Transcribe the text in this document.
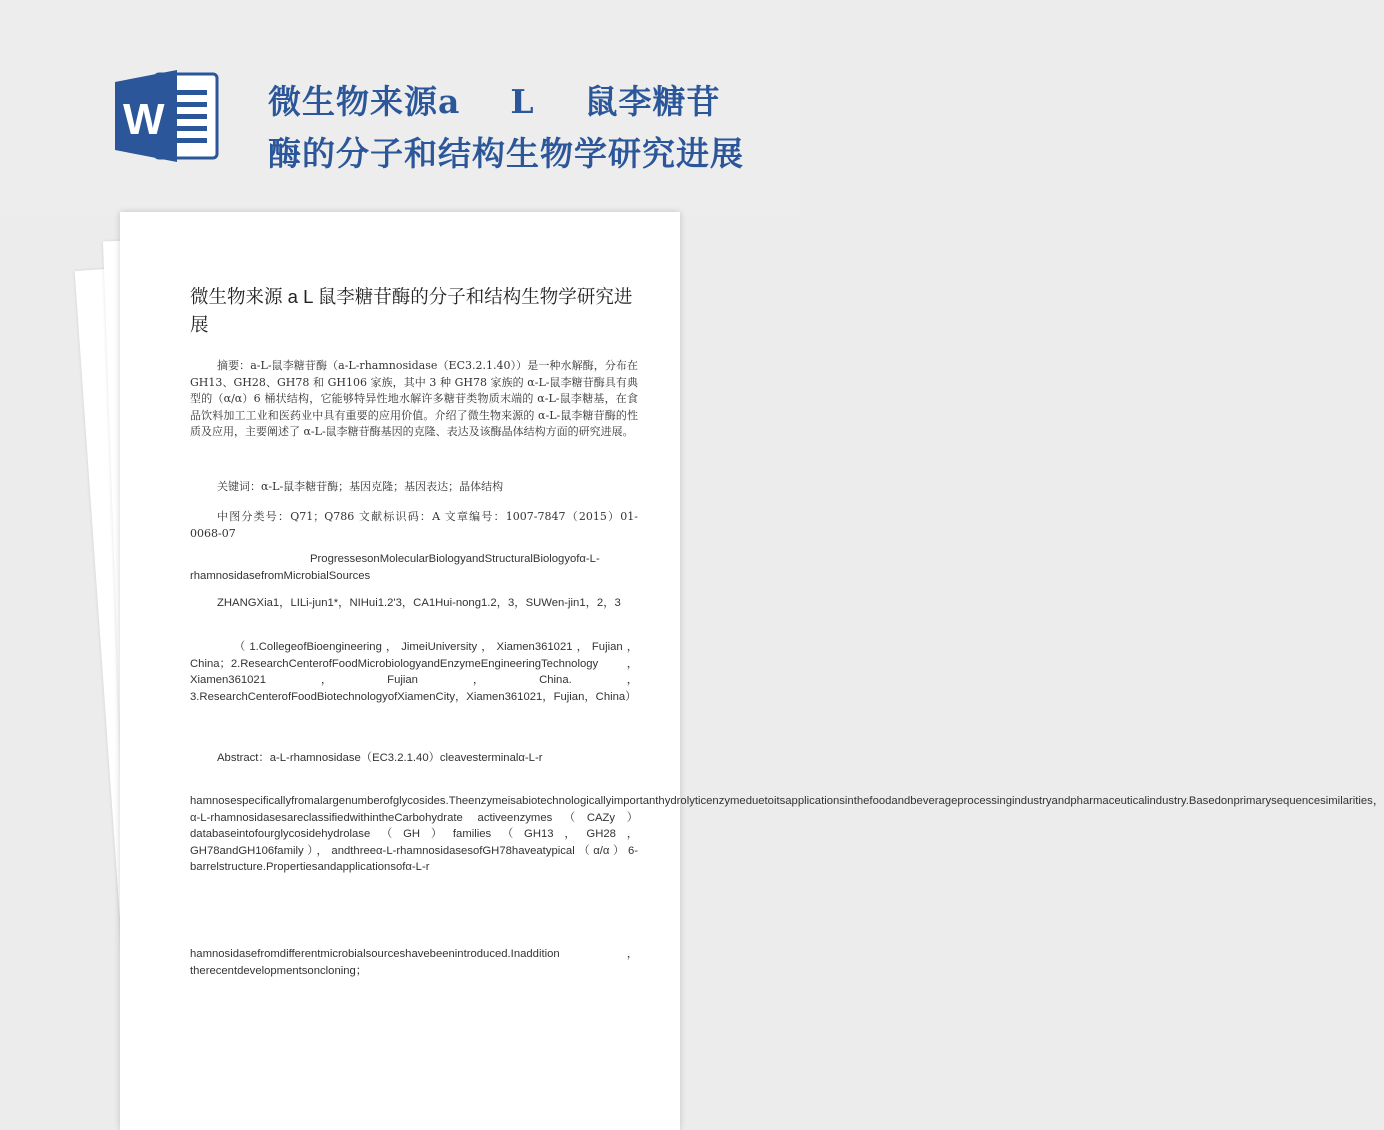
W	微生物来源a    L    鼠李糖苷
酶的分子和结构生物学研究进展
微生物来源 a L 鼠李糖苷酶的分子和结构生物学研究进展
摘要：a-L-鼠李糖苷酶（a-L-rhamnosidase（EC3.2.1.40））是一种水解酶，分布在 GH13、GH28、GH78 和 GH106 家族，其中 3 种 GH78 家族的 α-L-鼠李糖苷酶具有典型的（α/α）6 桶状结构，它能够特异性地水解许多糖苷类物质末端的 α-L-鼠李糖基，在食品饮料加工工业和医药业中具有重要的应用价值。介绍了微生物来源的 α-L-鼠李糖苷酶的性质及应用，主要阐述了 α-L-鼠李糖苷酶基因的克隆、表达及该酶晶体结构方面的研究进展。
关键词：α-L-鼠李糖苷酶；基因克隆；基因表达；晶体结构
中图分类号：Q71；Q786 文献标识码：A 文章编号：1007-7847（2015）01-0068-07
ProgressesonMolecularBiologyandStructuralBiologyofα-L-rhamnosidasefromMicrobialSources
ZHANGXia1，LILi-jun1*，NIHui1.2'3，CA1Hui-nong1.2，3，SUWen-jin1，2，3
（1.CollegeofBioengineering，JimeiUniversity，Xiamen361021，Fujian，China；2.ResearchCenterofFoodMicrobiologyandEnzymeEngineeringTechnology，Xiamen361021，Fujian，China.，3.ResearchCenterofFoodBiotechnologyofXiamenCity，Xiamen361021，Fujian，China）
Abstract：a-L-rhamnosidase（EC3.2.1.40）cleavesterminalα-L-r
hamnosespecificallyfromalargenumberofglycosides.Theenzymeisabiotechnologicallyimportanthydrolyticenzymeduetoitsapplicationsinthefoodandbeverageprocessingindustryandpharmaceuticalindustry.Basedonprimarysequencesimilarities，α-L-rhamnosidasesareclassifiedwithintheCarbohydrate activeenzymes（CAZy）databaseintofourglycosidehydrolase（GH）families（GH13，GH28，GH78andGH106family），andthreeα-L-rhamnosidasesofGH78haveatypical（α/α）6-barrelstructure.Propertiesandapplicationsofα-L-r
hamnosidasefromdifferentmicrobialsourceshavebeenintroduced.Inaddition，therecentdevelopmentsoncloning；
